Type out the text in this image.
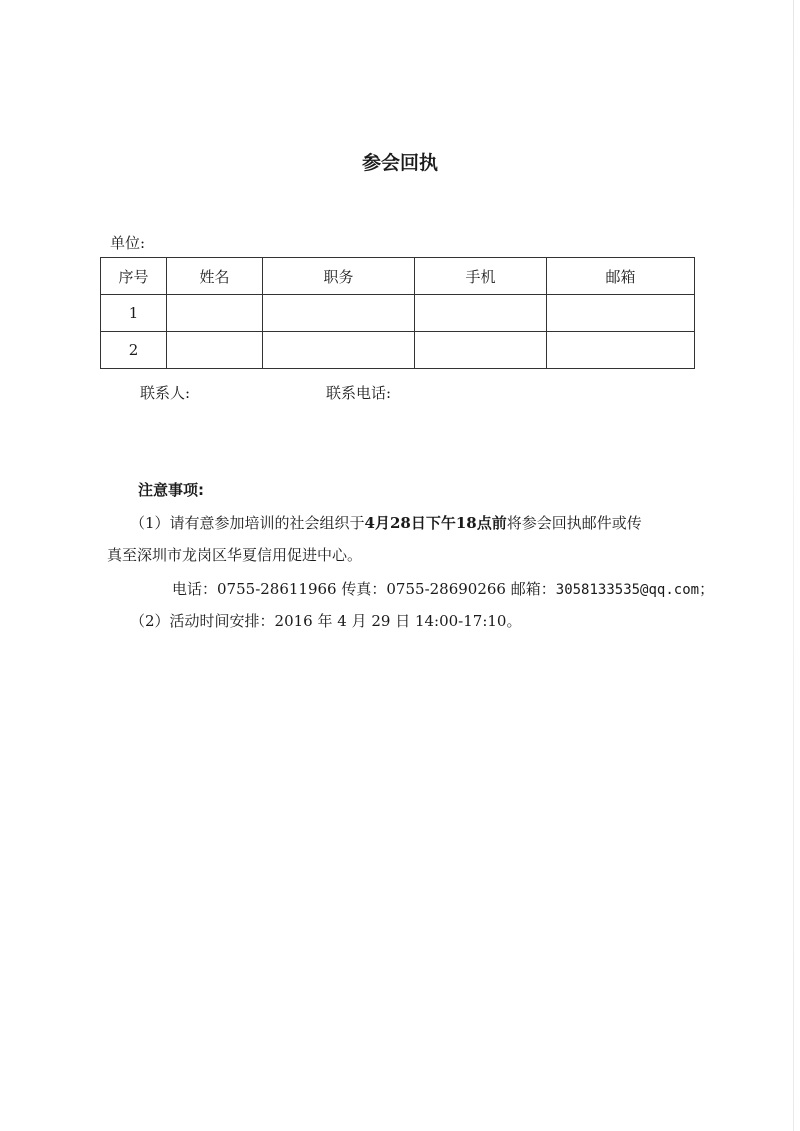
参会回执
单位:
序号	姓名	职务	手机	邮箱
1				
2				
联系人:	联系电话:
注意事项:
（1）请有意参加培训的社会组织于4月28日下午18点前将参会回执邮件或传
真至深圳市龙岗区华夏信用促进中心。
电话：0755-28611966 传真：0755-28690266 邮箱：3058133535@qq.com；
（2）活动时间安排：2016 年 4 月 29 日 14:00-17:10。
